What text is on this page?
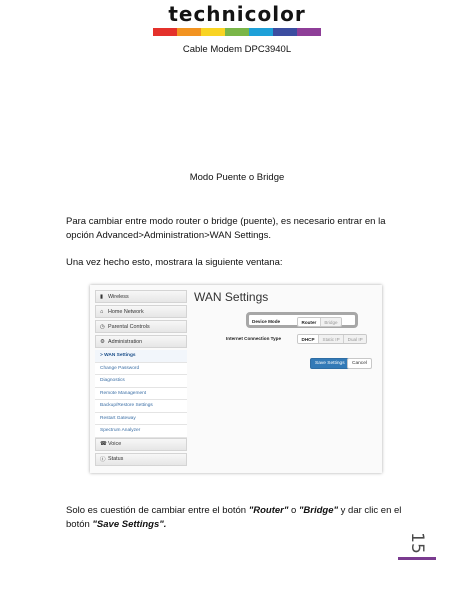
technicolor
Cable Modem DPC3940L
Modo Puente o Bridge
Para cambiar entre modo router o bridge (puente), es necesario entrar en la opción Advanced>Administration>WAN Settings.
Una vez hecho esto, mostrara la siguiente ventana:
▮ Wireless
⌂ Home Network
◷ Parental Controls
⚙ Administration
> WAN Settings
Change Password
Diagnostics
Remote Management
Backup/Restore Settings
Restart Gateway
Spectrum Analyzer
☎ Voice
ⓘ Status
WAN Settings
Device Mode	Router	Bridge
Internet Connection Type	DHCP	Static IP	Dual IP
Save Settings	Cancel
Solo es cuestión de cambiar entre el botón "Router" o "Bridge" y dar clic en el botón "Save Settings".
15
